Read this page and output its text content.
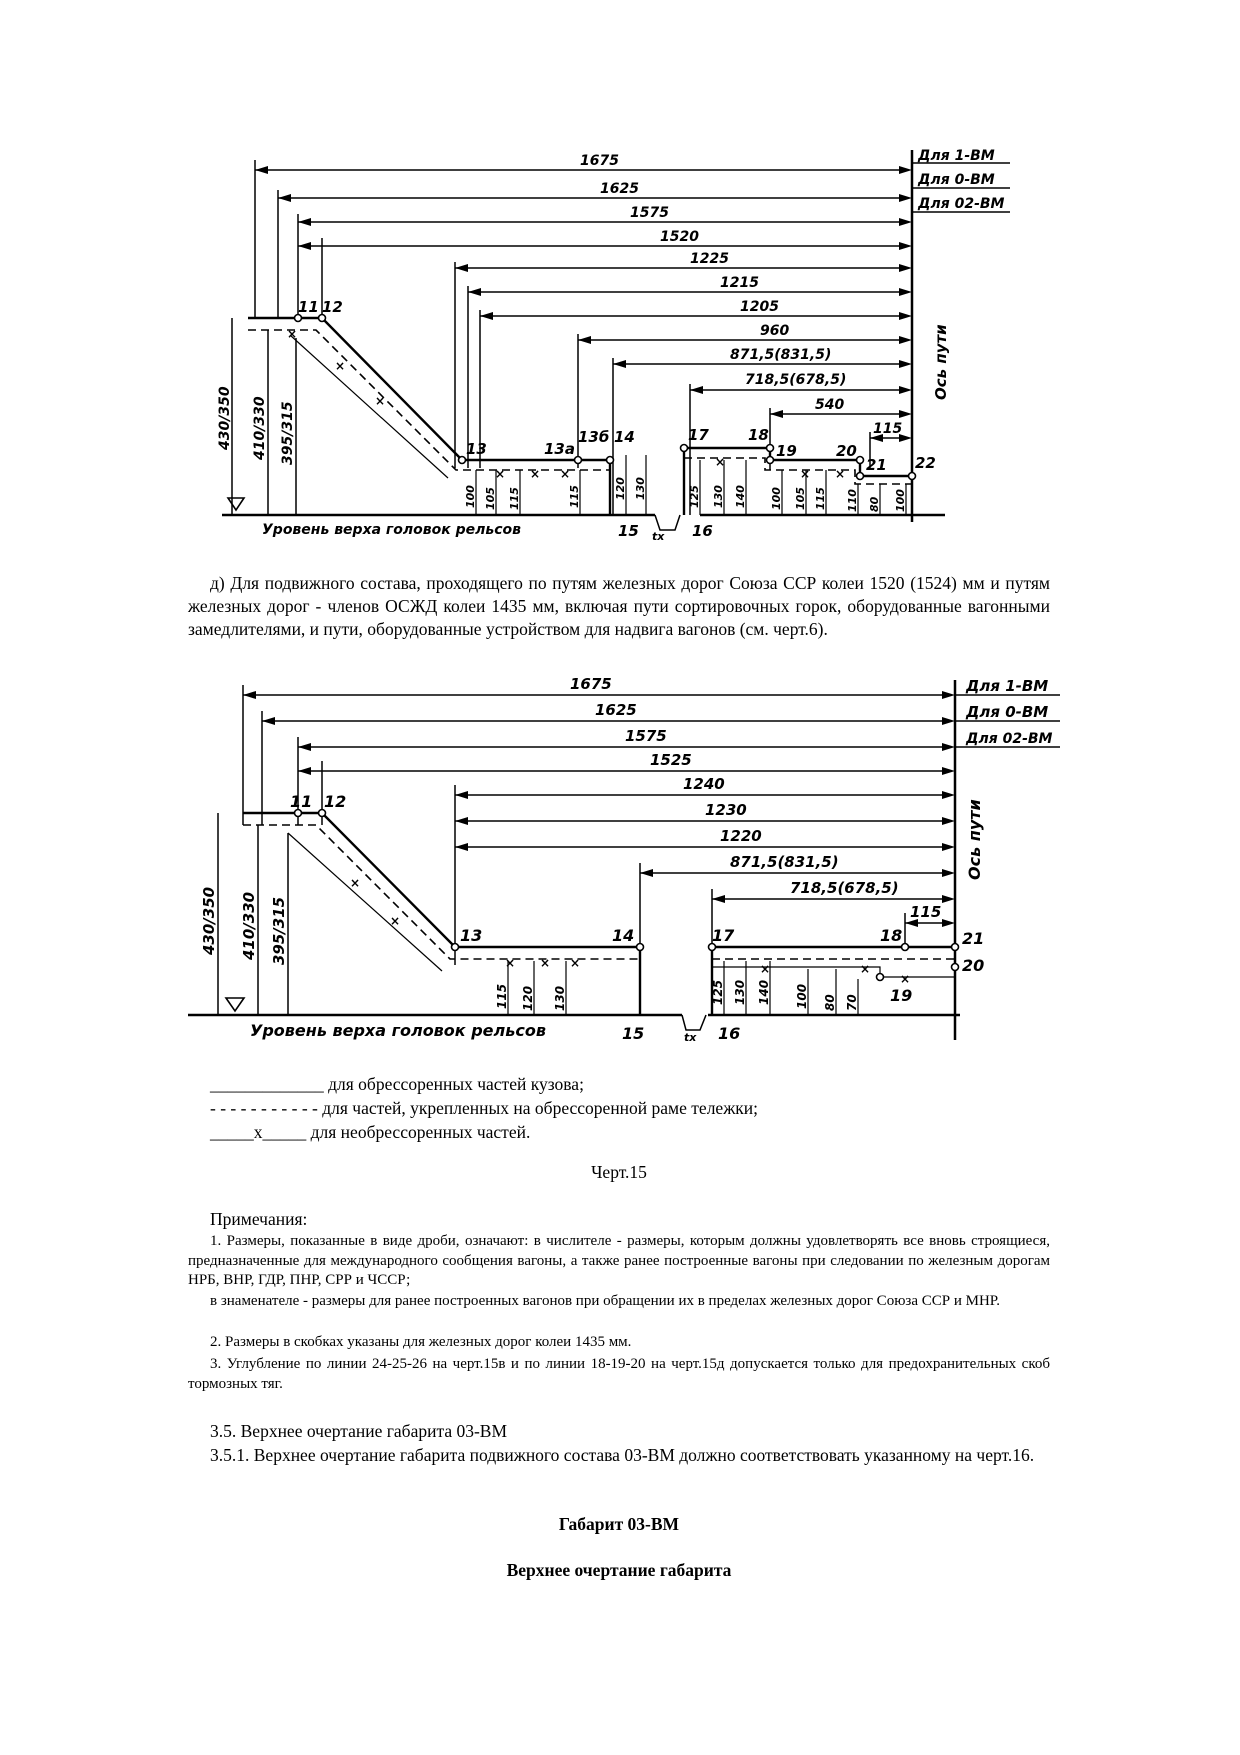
Ось пути
Для 1-ВМ
Для 0-ВМ
Для 02-ВМ
1675
1625
1575
1520
1225
1215
1205
960
871,5(831,5)
718,5(678,5)
540
115
×
×
×
× × ×
×
× ×
11 12
13	13а
13б 14
15	16
17	18
19	20
21 22
tx
Уровень верха головок рельсов
430/350 410/330 395/315
100 105 115	115	120 130	125 130 140 100 105 115 110 80 100

д) Для подвижного состава, проходящего по путям железных дорог Союза ССР колеи 1520 (1524) мм и путям железных дорог - членов ОСЖД колеи 1435 мм, включая пути сортировочных горок, оборудованные вагонными замедлителями, и пути, оборудованные устройством для надвига вагонов (см. черт.6).

Ось пути
Для 1-ВМ
Для 0-ВМ
Для 02-ВМ
1675
1625
1575
1525
1240
1230
1220
871,5(831,5)
718,5(678,5)
115
×
×
× × ×	×	×
×
11 12
13	14
15	16
17	18
19
20
21
tx
Уровень верха головок рельсов
430/350 410/330 395/315
115 120 130	125 130 140 100 80 70
_____________ для обрессоренных частей кузова;
- - - - - - - - - - - для частей, укрепленных на обрессоренной раме тележки;
_____x_____ для необрессоренных частей.

Черт.15

Примечания:

1. Размеры, показанные в виде дроби, означают: в числителе - размеры, которым должны удовлетворять все вновь строящиеся, предназначенные для международного сообщения вагоны, а также ранее построенные вагоны при следовании по железным дорогам НРБ, ВНР, ГДР, ПНР, СРР и ЧССР;

в знаменателе - размеры для ранее построенных вагонов при обращении их в пределах железных дорог Союза ССР и МНР.

2. Размеры в скобках указаны для железных дорог колеи 1435 мм.

3. Углубление по линии 24-25-26 на черт.15в и по линии 18-19-20 на черт.15д допускается только для предохранительных скоб тормозных тяг.

3.5. Верхнее очертание габарита 03-ВМ

3.5.1. Верхнее очертание габарита подвижного состава 03-ВМ должно соответствовать указанному на черт.16.

Габарит 03-ВМ

Верхнее очертание габарита
